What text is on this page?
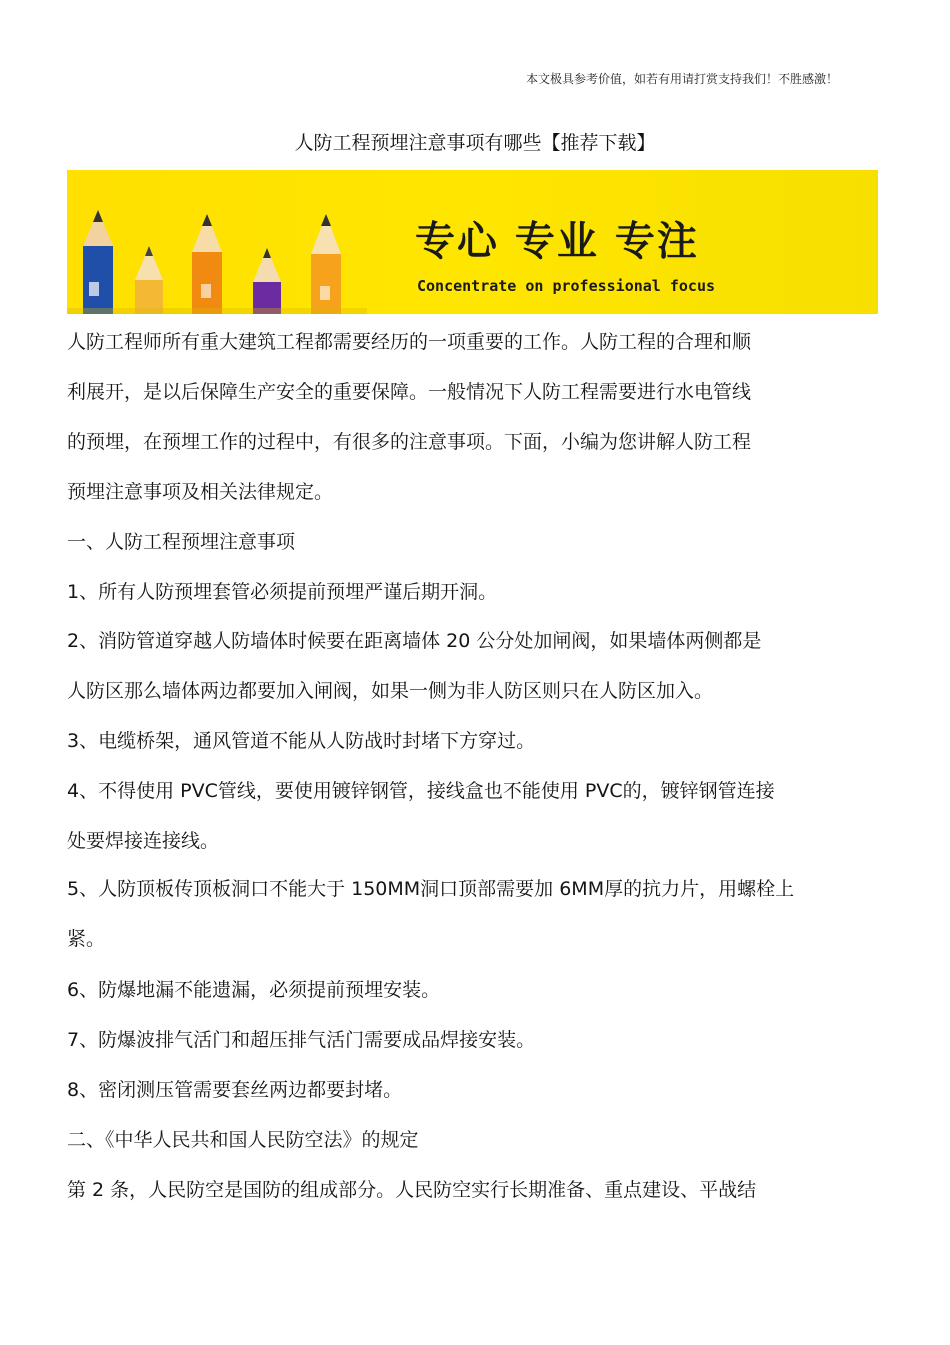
本文极具参考价值，如若有用请打赏支持我们！不胜感激！
人防工程预埋注意事项有哪些【推荐下载】
专心 专业 专注
Concentrate on professional focus
人防工程师所有重大建筑工程都需要经历的一项重要的工作。人防工程的合理和顺
利展开，是以后保障生产安全的重要保障。一般情况下人防工程需要进行水电管线
的预埋，在预埋工作的过程中，有很多的注意事项。下面，小编为您讲解人防工程
预埋注意事项及相关法律规定。
一、人防工程预埋注意事项
1、所有人防预埋套管必须提前预埋严谨后期开洞。
2、消防管道穿越人防墙体时候要在距离墙体 20 公分处加闸阀，如果墙体两侧都是
人防区那么墙体两边都要加入闸阀，如果一侧为非人防区则只在人防区加入。
3、电缆桥架，通风管道不能从人防战时封堵下方穿过。
4、不得使用 PVC管线，要使用镀锌钢管，接线盒也不能使用 PVC的，镀锌钢管连接
处要焊接连接线。
5、人防顶板传顶板洞口不能大于 150MM洞口顶部需要加 6MM厚的抗力片，用螺栓上
紧。
6、防爆地漏不能遗漏，必须提前预埋安装。
7、防爆波排气活门和超压排气活门需要成品焊接安装。
8、密闭测压管需要套丝两边都要封堵。
二、《中华人民共和国人民防空法》的规定
第 2 条，人民防空是国防的组成部分。人民防空实行长期准备、重点建设、平战结
